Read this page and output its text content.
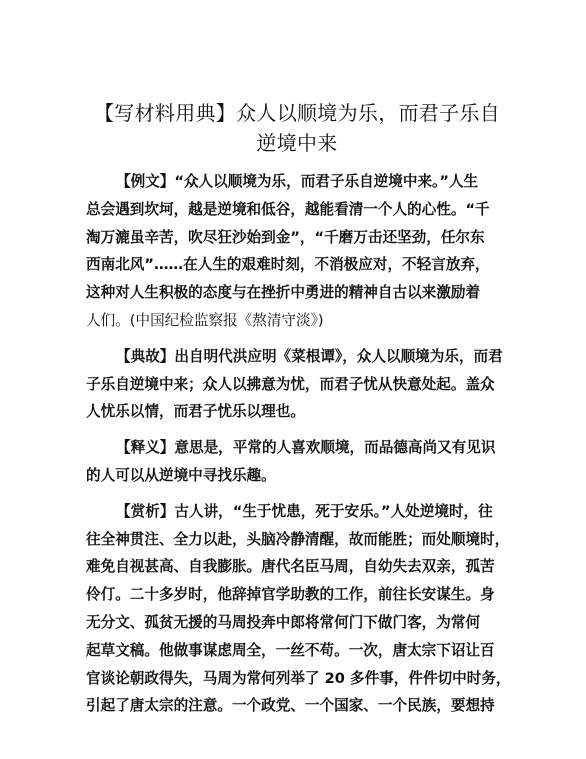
【写材料用典】众人以顺境为乐，而君子乐自
逆境中来

【例文】“众人以顺境为乐，而君子乐自逆境中来。”人生
总会遇到坎坷，越是逆境和低谷，越能看清一个人的心性。“千
淘万漉虽辛苦，吹尽狂沙始到金”，“千磨万击还坚劲，任尔东
西南北风”……在人生的艰难时刻，不消极应对，不轻言放弃，
这种对人生积极的态度与在挫折中勇进的精神自古以来激励着
人们。(中国纪检监察报《熬清守淡》)

【典故】出自明代洪应明《菜根谭》，众人以顺境为乐，而君
子乐自逆境中来；众人以拂意为忧，而君子忧从快意处起。盖众
人忧乐以情，而君子忧乐以理也。

【释义】意思是，平常的人喜欢顺境，而品德高尚又有见识
的人可以从逆境中寻找乐趣。

【赏析】古人讲，“生于忧患，死于安乐。”人处逆境时，往
往全神贯注、全力以赴，头脑冷静清醒，故而能胜；而处顺境时，
难免自视甚高、自我膨胀。唐代名臣马周，自幼失去双亲，孤苦
伶仃。二十多岁时，他辞掉官学助教的工作，前往长安谋生。身
无分文、孤贫无援的马周投奔中郎将常何门下做门客，为常何
起草文稿。他做事谋虑周全，一丝不苟。一次，唐太宗下诏让百
官谈论朝政得失，马周为常何列举了 20 多件事，件件切中时务，
引起了唐太宗的注意。一个政党、一个国家、一个民族，要想持
